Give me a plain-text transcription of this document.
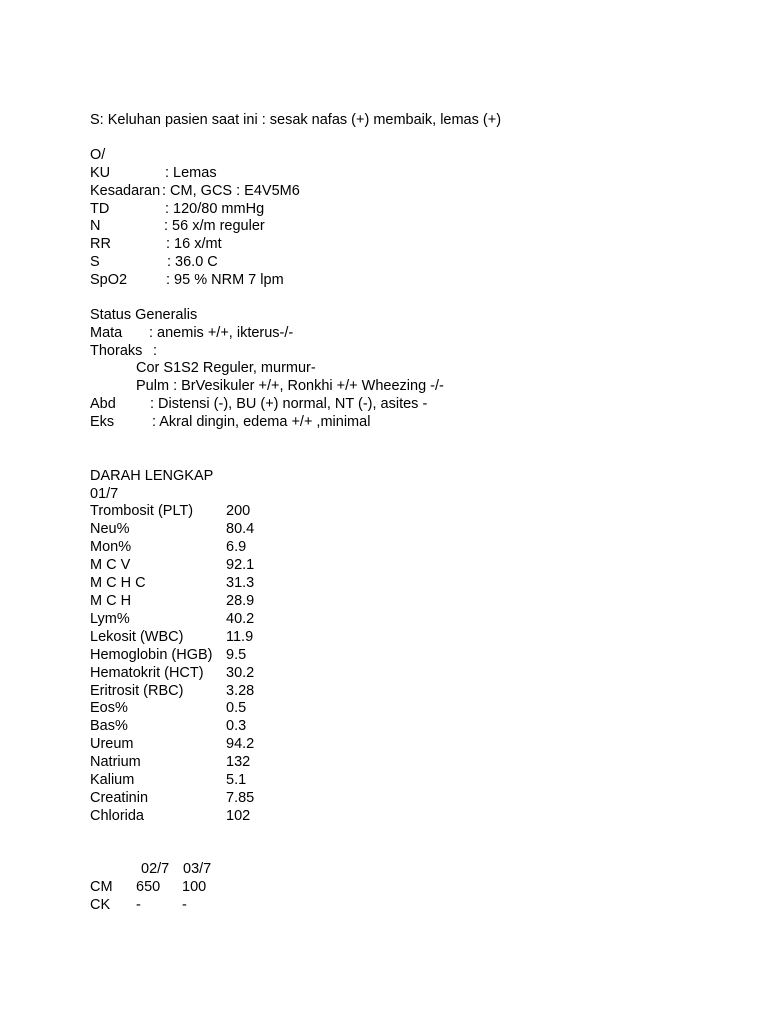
S: Keluhan pasien saat ini : sesak nafas (+) membaik, lemas (+)
O/
KU	: Lemas
Kesadaran : CM, GCS : E4V5M6
TD	: 120/80 mmHg
N	: 56 x/m reguler
RR	: 16 x/mt
S	: 36.0 C
SpO2	: 95 % NRM 7 lpm
Status Generalis
Mata : anemis +/+, ikterus-/-
Thoraks :
Cor S1S2 Reguler, murmur-
Pulm : BrVesikuler +/+, Ronkhi +/+ Wheezing -/-
Abd : Distensi (-), BU (+) normal, NT (-), asites -
Eks	: Akral dingin, edema +/+ ,minimal
DARAH LENGKAP
01/7
Trombosit (PLT) 200
Neu%	80.4
Mon%	6.9
M C V	92.1
M C H C	31.3
M C H	28.9
Lym%	40.2
Lekosit (WBC)	11.9
Hemoglobin (HGB) 9.5
Hematokrit (HCT) 30.2
Eritrosit (RBC)	3.28
Eos%	0.5
Bas%	0.3
Ureum	94.2
Natrium	132
Kalium	5.1
Creatinin	7.85
Chlorida	102
02/7 03/7
CM 650 100
CK -	-
